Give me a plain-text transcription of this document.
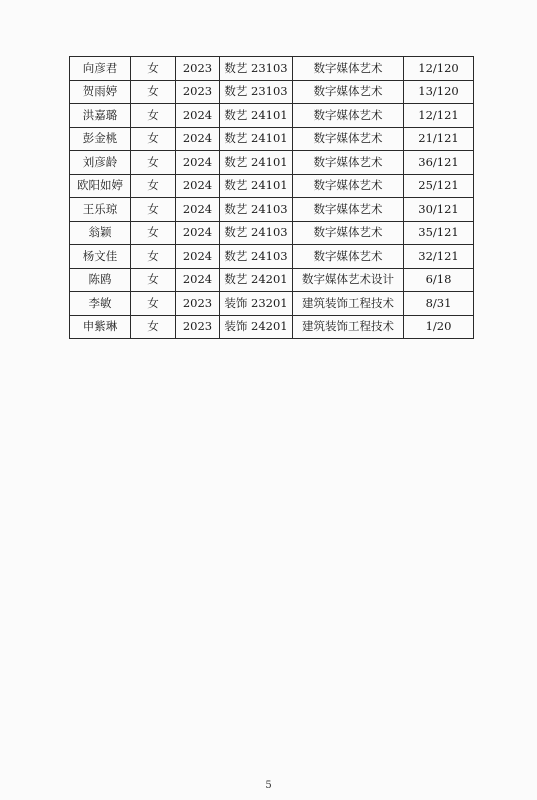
向彦君	女	2023	数艺 23103	数字媒体艺术	12/120
贺雨婷	女	2023	数艺 23103	数字媒体艺术	13/120
洪嘉璐	女	2024	数艺 24101	数字媒体艺术	12/121
彭金桃	女	2024	数艺 24101	数字媒体艺术	21/121
刘彦龄	女	2024	数艺 24101	数字媒体艺术	36/121
欧阳如婷	女	2024	数艺 24101	数字媒体艺术	25/121
王乐琼	女	2024	数艺 24103	数字媒体艺术	30/121
翁颖	女	2024	数艺 24103	数字媒体艺术	35/121
杨文佳	女	2024	数艺 24103	数字媒体艺术	32/121
陈鸥	女	2024	数艺 24201	数字媒体艺术设计	6/18
李敏	女	2023	装饰 23201	建筑装饰工程技术	8/31
申紫琳	女	2023	装饰 24201	建筑装饰工程技术	1/20
5
